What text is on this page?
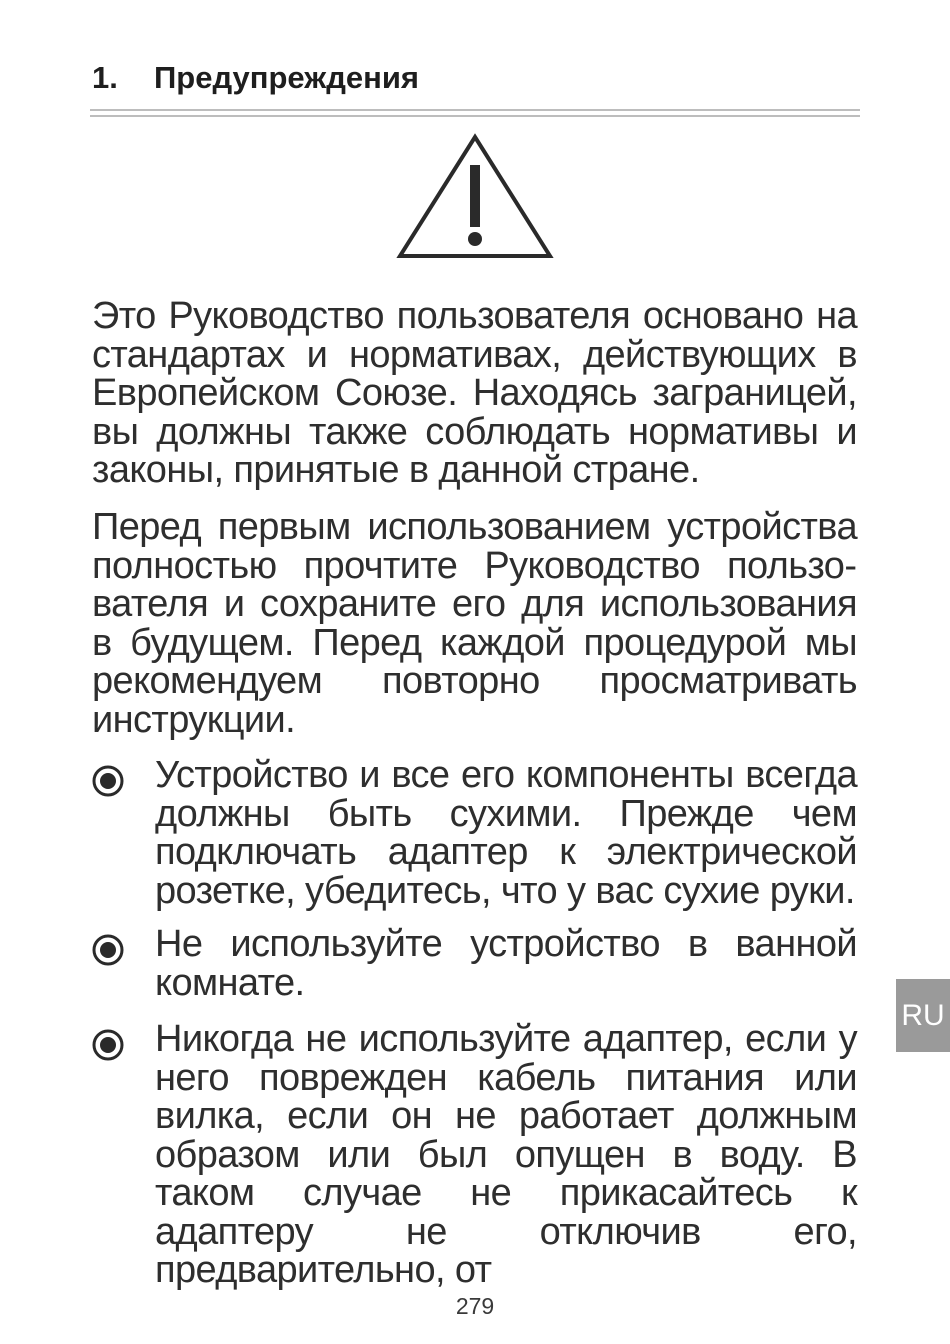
1. Предупреждения

Это Руководство пользователя основано на стандартах и нормативах, действующих в Европейском Союзе. Находясь заграницей, вы должны также соблюдать нормативы и законы, принятые в данной стране.

Перед первым использованием устройства полностью прочтите Руководство пользователя и сохраните его для использования в будущем. Перед каждой процедурой мы рекомендуем повторно просматривать инструкции.

Устройство и все его компоненты всегда должны быть сухими. Прежде чем подключать адаптер к электрической розетке, убедитесь, что у вас сухие руки.

Не используйте устройство в ванной комнате.

Никогда не используйте адаптер, если у него поврежден кабель питания или вилка, если он не работает должным образом или был опущен в воду. В таком случае не прикасайтесь к адаптеру не отключив его, предварительно, от

RU
279
